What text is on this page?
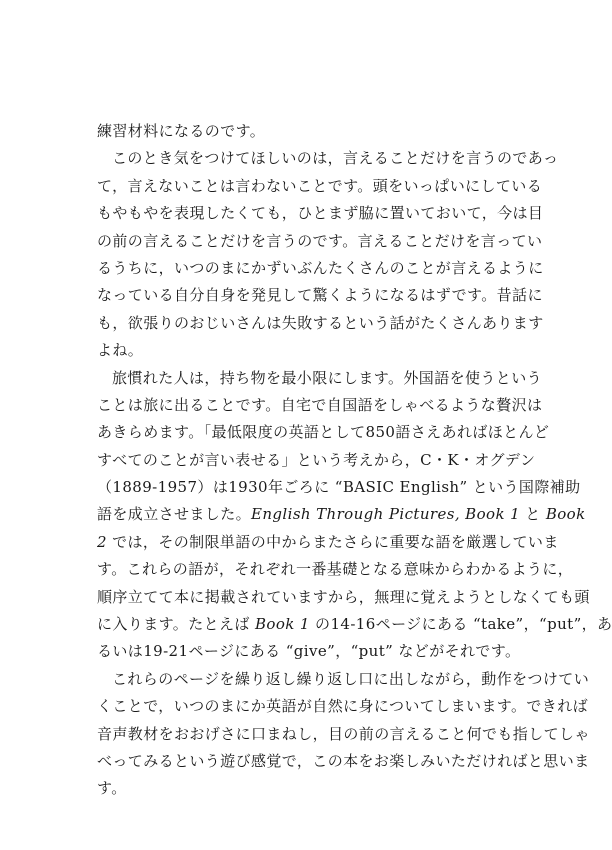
練習材料になるのです。
このとき気をつけてほしいのは，言えることだけを言うのであっ
て，言えないことは言わないことです。頭をいっぱいにしている
もやもやを表現したくても，ひとまず脇に置いておいて，今は目
の前の言えることだけを言うのです。言えることだけを言ってい
るうちに，いつのまにかずいぶんたくさんのことが言えるように
なっている自分自身を発見して驚くようになるはずです。昔話に
も，欲張りのおじいさんは失敗するという話がたくさんあります
よね。
旅慣れた人は，持ち物を最小限にします。外国語を使うという
ことは旅に出ることです。自宅で自国語をしゃべるような贅沢は
あきらめます。「最低限度の英語として850語さえあればほとんど
すべてのことが言い表せる」という考えから，C・K・オグデン
（1889-1957）は1930年ごろに “BASIC English” という国際補助
語を成立させました。English Through Pictures, Book 1 と Book
2 では，その制限単語の中からまたさらに重要な語を厳選していま
す。これらの語が，それぞれ一番基礎となる意味からわかるように，
順序立てて本に掲載されていますから，無理に覚えようとしなくても頭
に入ります。たとえば Book 1 の14-16ページにある “take”，“put”，あ
るいは19-21ページにある “give”，“put” などがそれです。
これらのページを繰り返し繰り返し口に出しながら，動作をつけてい
くことで，いつのまにか英語が自然に身についてしまいます。できれば
音声教材をおおげさに口まねし，目の前の言えること何でも指してしゃ
べってみるという遊び感覚で，この本をお楽しみいただければと思いま
す。
